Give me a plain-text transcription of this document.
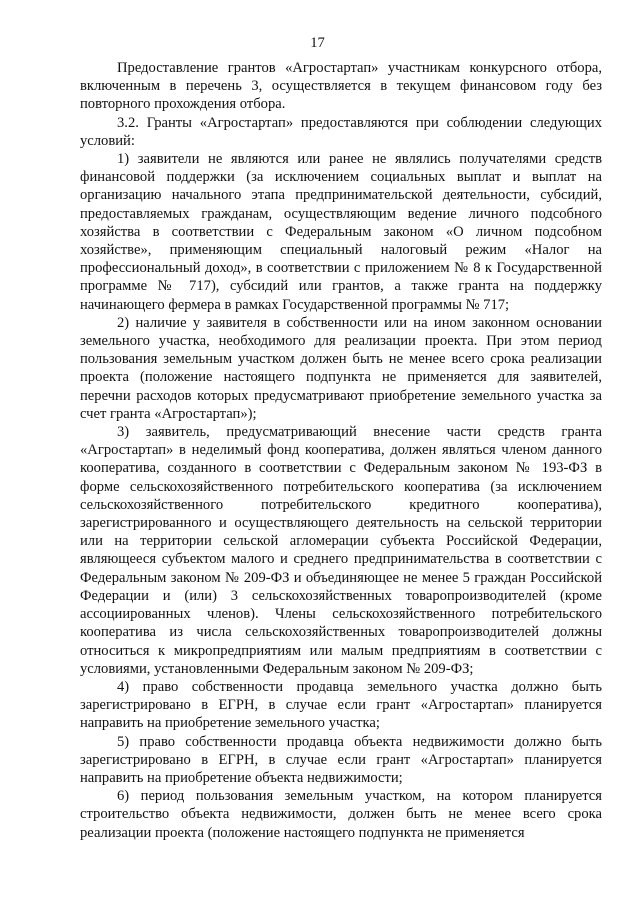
17

Предоставление грантов «Агростартап» участникам конкурсного отбора, включенным в перечень 3, осуществляется в текущем финансовом году без повторного прохождения отбора.

3.2. Гранты «Агростартап» предоставляются при соблюдении следующих условий:

1) заявители не являются или ранее не являлись получателями средств финансовой поддержки (за исключением социальных выплат и выплат на организацию начального этапа предпринимательской деятельности, субсидий, предоставляемых гражданам, осуществляющим ведение личного подсобного хозяйства в соответствии с Федеральным законом «О личном подсобном хозяйстве», применяющим специальный налоговый режим «Налог на профессиональный доход», в соответствии с приложением № 8 к Государственной программе № 717), субсидий или грантов, а также гранта на поддержку начинающего фермера в рамках Государственной программы № 717;

2) наличие у заявителя в собственности или на ином законном основании земельного участка, необходимого для реализации проекта. При этом период пользования земельным участком должен быть не менее всего срока реализации проекта (положение настоящего подпункта не применяется для заявителей, перечни расходов которых предусматривают приобретение земельного участка за счет гранта «Агростартап»);

3) заявитель, предусматривающий внесение части средств гранта «Агростартап» в неделимый фонд кооператива, должен являться членом данного кооператива, созданного в соответствии с Федеральным законом № 193-ФЗ в форме сельскохозяйственного потребительского кооператива (за исключением сельскохозяйственного потребительского кредитного кооператива), зарегистрированного и осуществляющего деятельность на сельской территории или на территории сельской агломерации субъекта Российской Федерации, являющееся субъектом малого и среднего предпринимательства в соответствии с Федеральным законом № 209-ФЗ и объединяющее не менее 5 граждан Российской Федерации и (или) 3 сельскохозяйственных товаропроизводителей (кроме ассоциированных членов). Члены сельскохозяйственного потребительского кооператива из числа сельскохозяйственных товаропроизводителей должны относиться к микропредприятиям или малым предприятиям в соответствии с условиями, установленными Федеральным законом № 209-ФЗ;

4) право собственности продавца земельного участка должно быть зарегистрировано в ЕГРН, в случае если грант «Агростартап» планируется направить на приобретение земельного участка;

5) право собственности продавца объекта недвижимости должно быть зарегистрировано в ЕГРН, в случае если грант «Агростартап» планируется направить на приобретение объекта недвижимости;

6) период пользования земельным участком, на котором планируется строительство объекта недвижимости, должен быть не менее всего срока реализации проекта (положение настоящего подпункта не применяется
